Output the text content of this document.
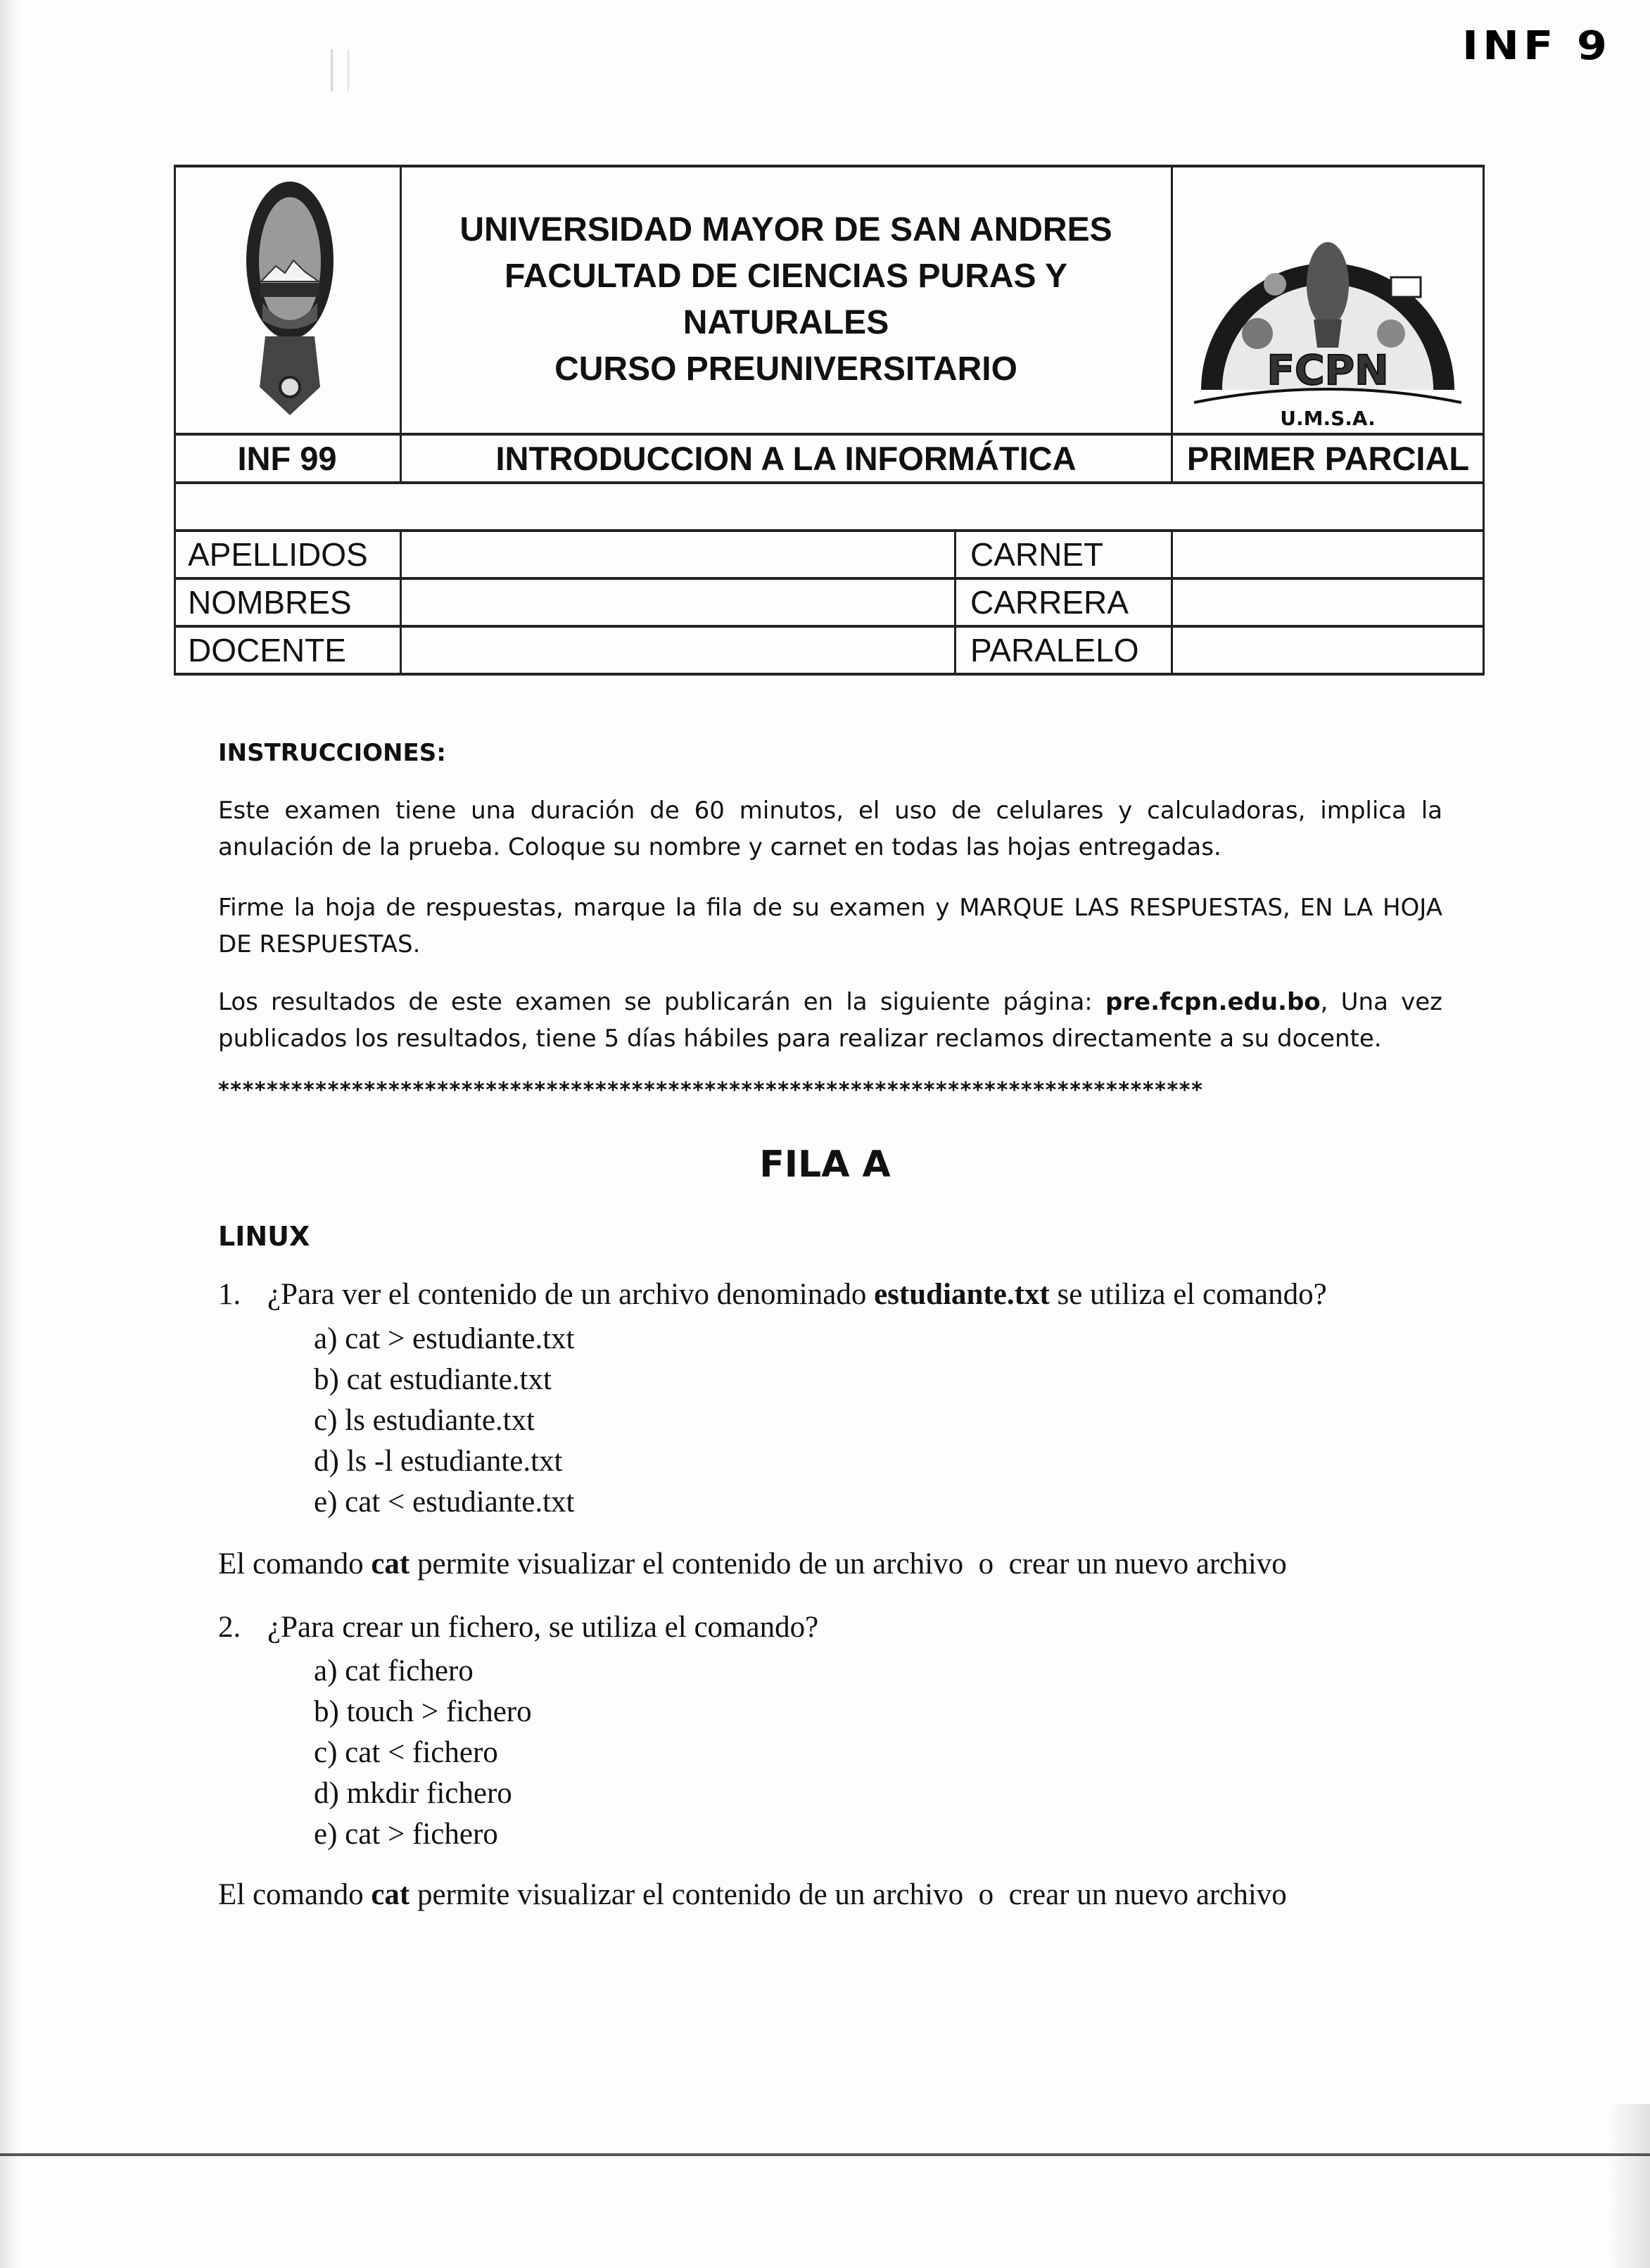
INF 9
UNIVERSIDAD MAYOR DE SAN ANDRES
FACULTAD DE CIENCIAS PURAS Y NATURALES
CURSO PREUNIVERSITARIO	FCPN
U.M.S.A.
INF 99	INTRODUCCION A LA INFORMÁTICA	PRIMER PARCIAL
APELLIDOS	CARNET
NOMBRES	CARRERA
DOCENTE	PARALELO
INSTRUCCIONES:
Este examen tiene una duración de 60 minutos, el uso de celulares y calculadoras, implica la anulación de la prueba. Coloque su nombre y carnet en todas las hojas entregadas.
Firme la hoja de respuestas, marque la fila de su examen y MARQUE LAS RESPUESTAS, EN LA HOJA DE RESPUESTAS.
Los resultados de este examen se publicarán en la siguiente página: pre.fcpn.edu.bo, Una vez publicados los resultados, tiene 5 días hábiles para realizar reclamos directamente a su docente.
*********************************************************************************
FILA A
LINUX
1. ¿Para ver el contenido de un archivo denominado estudiante.txt se utiliza el comando?
a) cat > estudiante.txt
b) cat estudiante.txt
c) ls estudiante.txt
d) ls -l estudiante.txt
e) cat < estudiante.txt
El comando cat permite visualizar el contenido de un archivo  o  crear un nuevo archivo
2. ¿Para crear un fichero, se utiliza el comando?
a) cat fichero
b) touch > fichero
c) cat < fichero
d) mkdir fichero
e) cat > fichero
El comando cat permite visualizar el contenido de un archivo  o  crear un nuevo archivo
